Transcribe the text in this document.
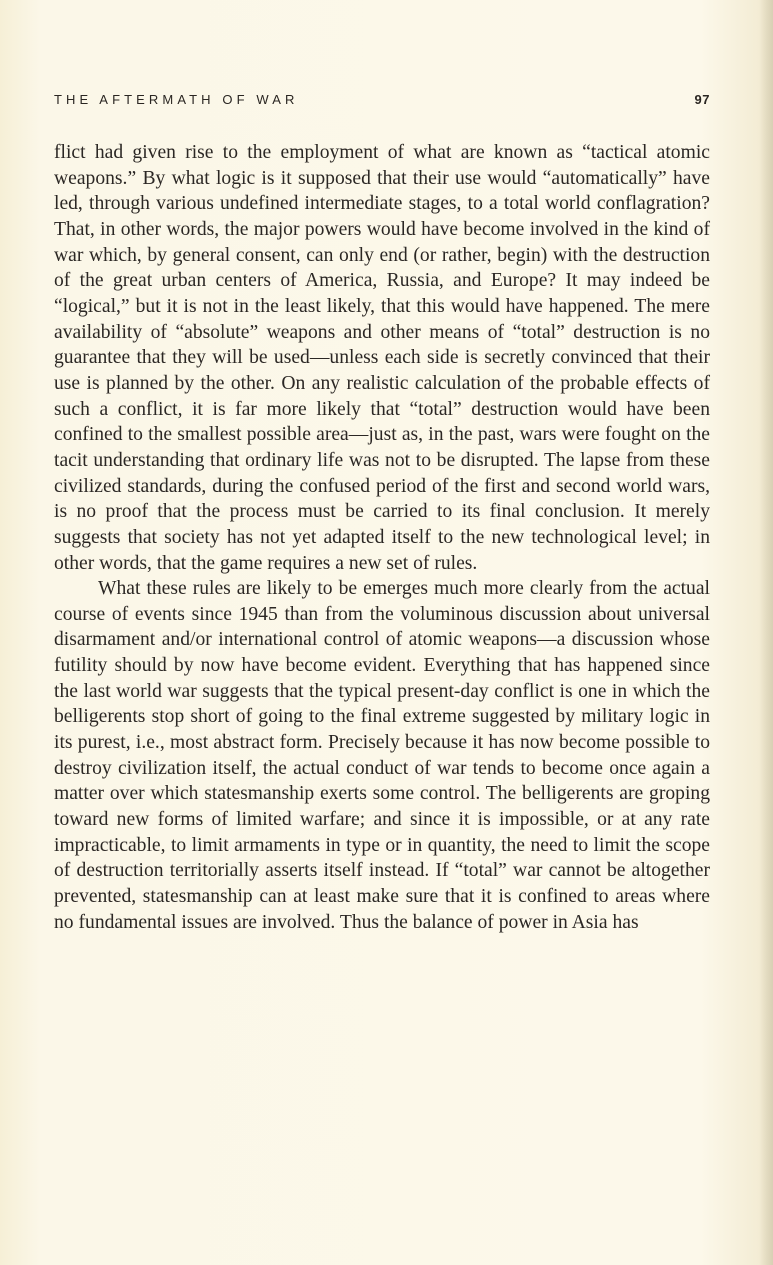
THE AFTERMATH OF WAR	97

flict had given rise to the employment of what are known as “tactical atomic weapons.” By what logic is it supposed that their use would “automatically” have led, through various undefined intermediate stages, to a total world conflagration? That, in other words, the major powers would have become involved in the kind of war which, by general consent, can only end (or rather, begin) with the destruction of the great urban centers of America, Russia, and Europe? It may indeed be “logical,” but it is not in the least likely, that this would have happened. The mere availability of “absolute” weapons and other means of “total” destruction is no guarantee that they will be used—unless each side is secretly convinced that their use is planned by the other. On any realistic calculation of the probable effects of such a conflict, it is far more likely that “total” destruction would have been confined to the smallest possible area—just as, in the past, wars were fought on the tacit understanding that ordinary life was not to be disrupted. The lapse from these civilized standards, during the confused period of the first and second world wars, is no proof that the process must be carried to its final conclusion. It merely suggests that society has not yet adapted itself to the new technological level; in other words, that the game requires a new set of rules.

What these rules are likely to be emerges much more clearly from the actual course of events since 1945 than from the voluminous discussion about universal disarmament and/or international control of atomic weapons—a discussion whose futility should by now have become evident. Everything that has happened since the last world war suggests that the typical present-day conflict is one in which the belligerents stop short of going to the final extreme suggested by military logic in its purest, i.e., most abstract form. Precisely because it has now become possible to destroy civilization itself, the actual conduct of war tends to become once again a matter over which statesmanship exerts some control. The belligerents are groping toward new forms of limited warfare; and since it is impossible, or at any rate impracticable, to limit armaments in type or in quantity, the need to limit the scope of destruction territorially asserts itself instead. If “total” war cannot be altogether prevented, statesmanship can at least make sure that it is confined to areas where no fundamental issues are involved. Thus the balance of power in Asia has
